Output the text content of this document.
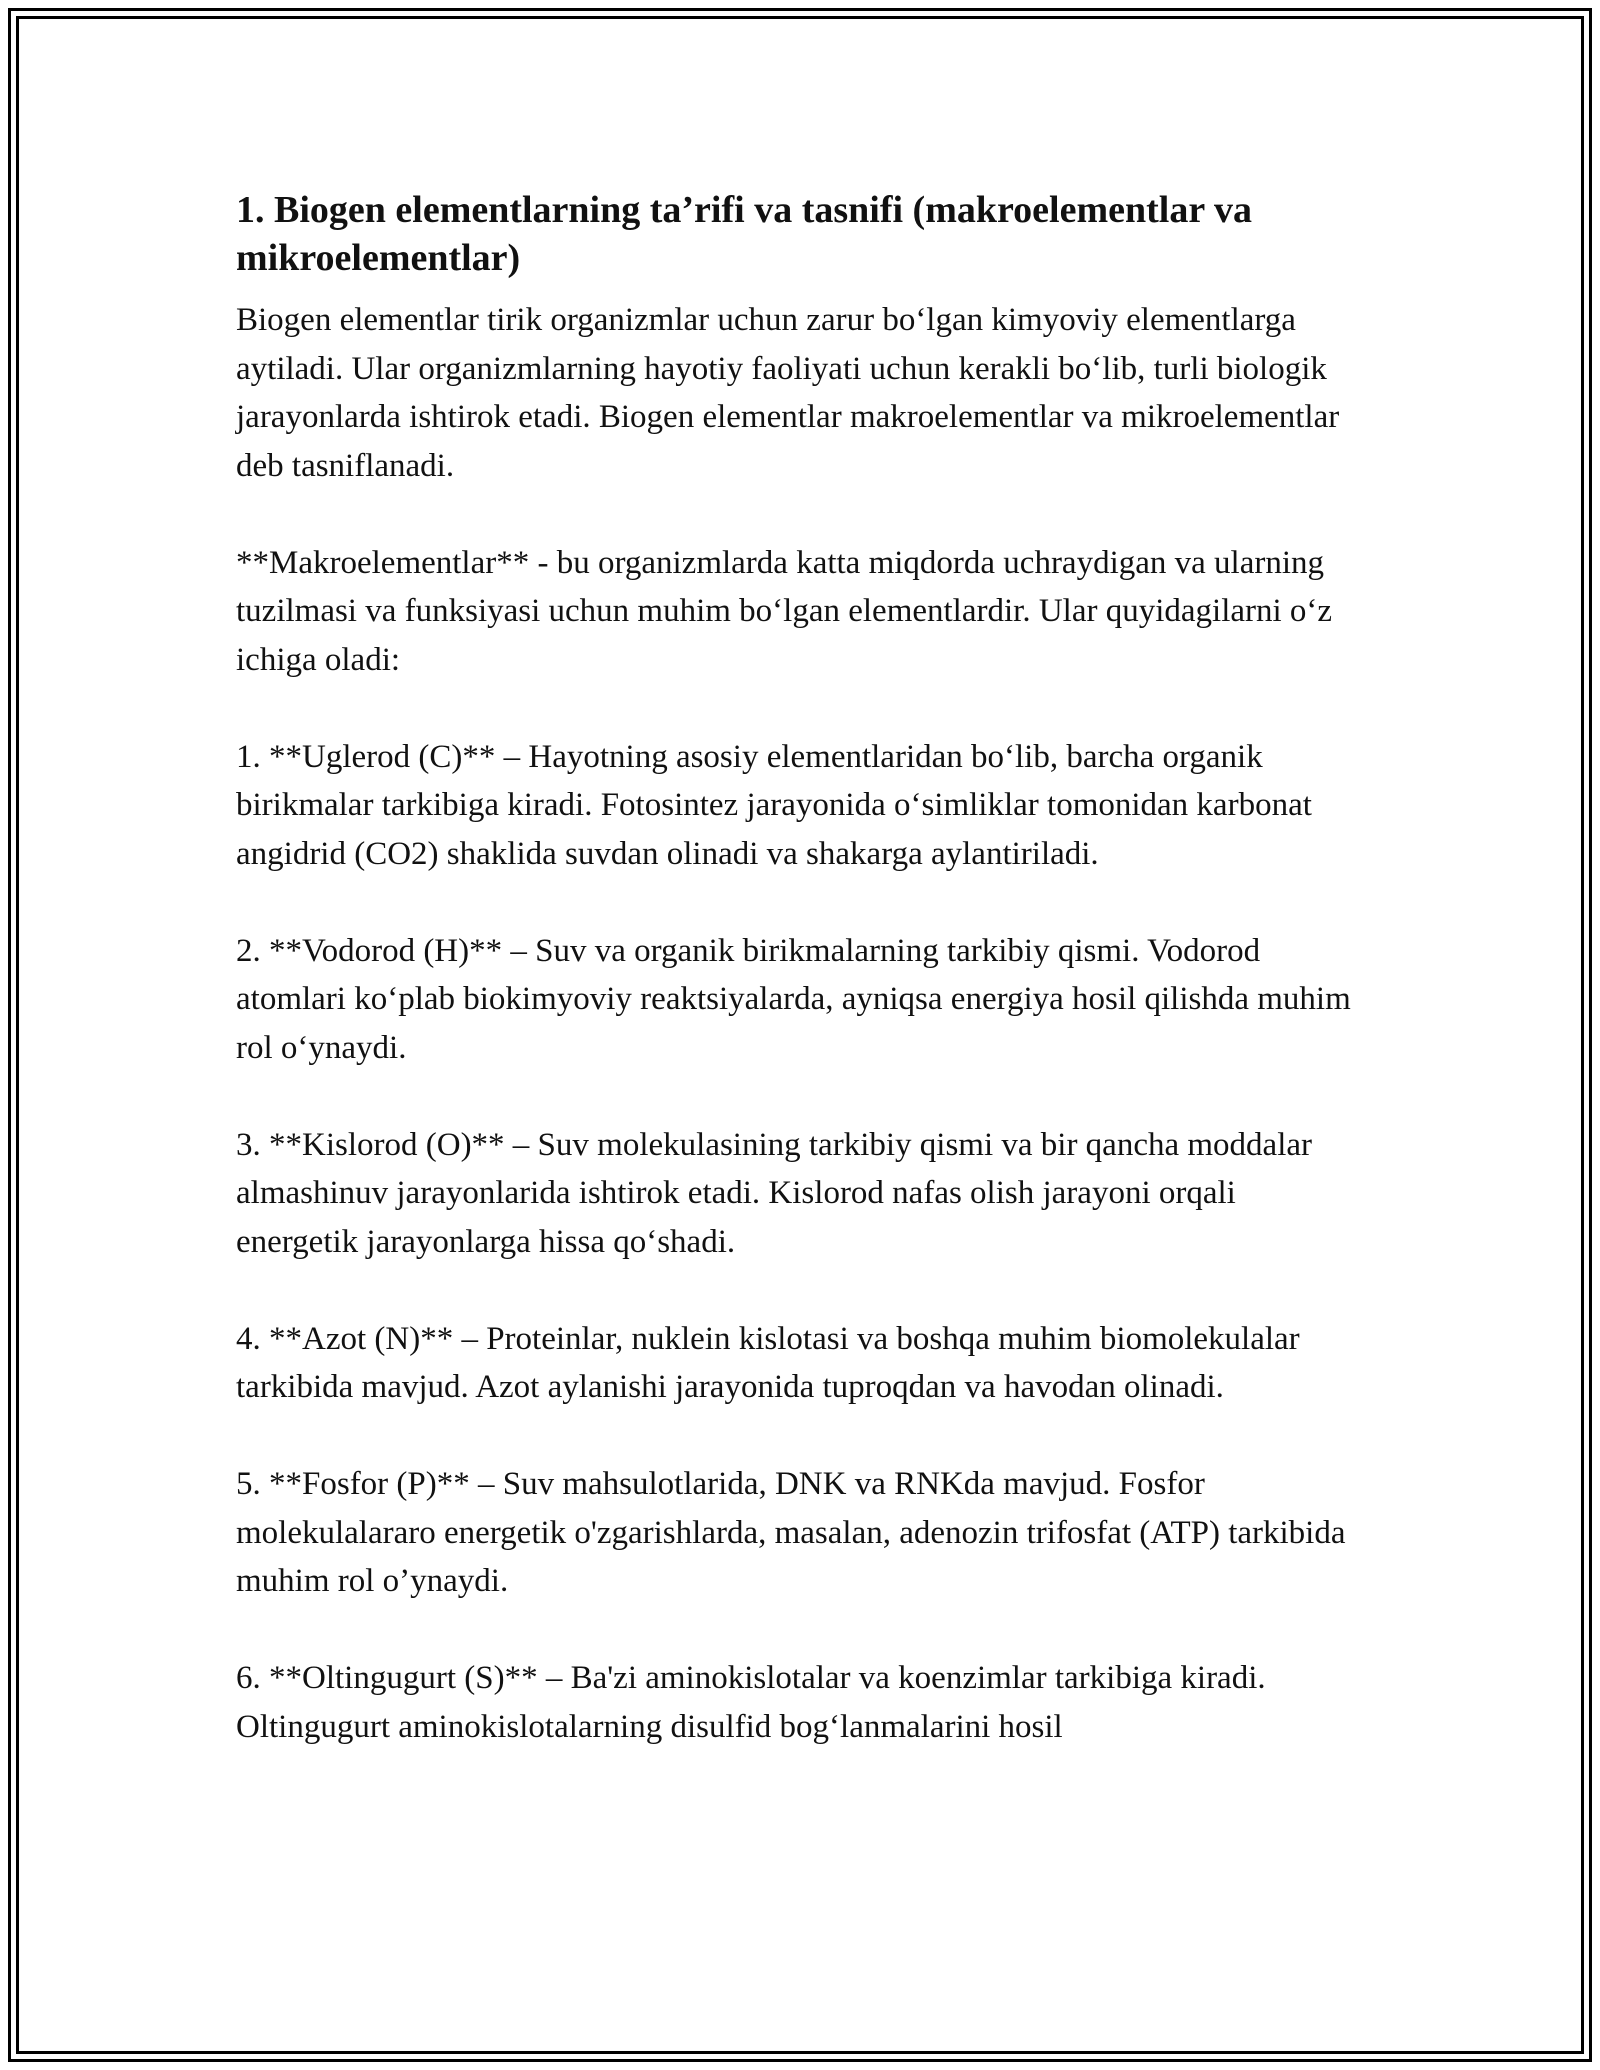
1. Biogen elementlarning ta’rifi va tasnifi (makroelementlar va mikroelementlar)

Biogen elementlar tirik organizmlar uchun zarur bo‘lgan kimyoviy elementlarga aytiladi. Ular organizmlarning hayotiy faoliyati uchun kerakli bo‘lib, turli biologik jarayonlarda ishtirok etadi. Biogen elementlar makroelementlar va mikroelementlar deb tasniflanadi.

**Makroelementlar** - bu organizmlarda katta miqdorda uchraydigan va ularning tuzilmasi va funksiyasi uchun muhim bo‘lgan elementlardir. Ular quyidagilarni o‘z ichiga oladi:

1. **Uglerod (C)** – Hayotning asosiy elementlaridan bo‘lib, barcha organik birikmalar tarkibiga kiradi. Fotosintez jarayonida o‘simliklar tomonidan karbonat angidrid (CO2) shaklida suvdan olinadi va shakarga aylantiriladi.

2. **Vodorod (H)** – Suv va organik birikmalarning tarkibiy qismi. Vodorod atomlari ko‘plab biokimyoviy reaktsiyalarda, ayniqsa energiya hosil qilishda muhim rol o‘ynaydi.

3. **Kislorod (O)** – Suv molekulasining tarkibiy qismi va bir qancha moddalar almashinuv jarayonlarida ishtirok etadi. Kislorod nafas olish jarayoni orqali energetik jarayonlarga hissa qo‘shadi.

4. **Azot (N)** – Proteinlar, nuklein kislotasi va boshqa muhim biomolekulalar tarkibida mavjud. Azot aylanishi jarayonida tuproqdan va havodan olinadi.

5. **Fosfor (P)** – Suv mahsulotlarida, DNK va RNKda mavjud. Fosfor molekulalararo energetik o'zgarishlarda, masalan, adenozin trifosfat (ATP) tarkibida muhim rol o’ynaydi.

6. **Oltingugurt (S)** – Ba'zi aminokislotalar va koenzimlar tarkibiga kiradi. Oltingugurt aminokislotalarning disulfid bog‘lanmalarini hosil
